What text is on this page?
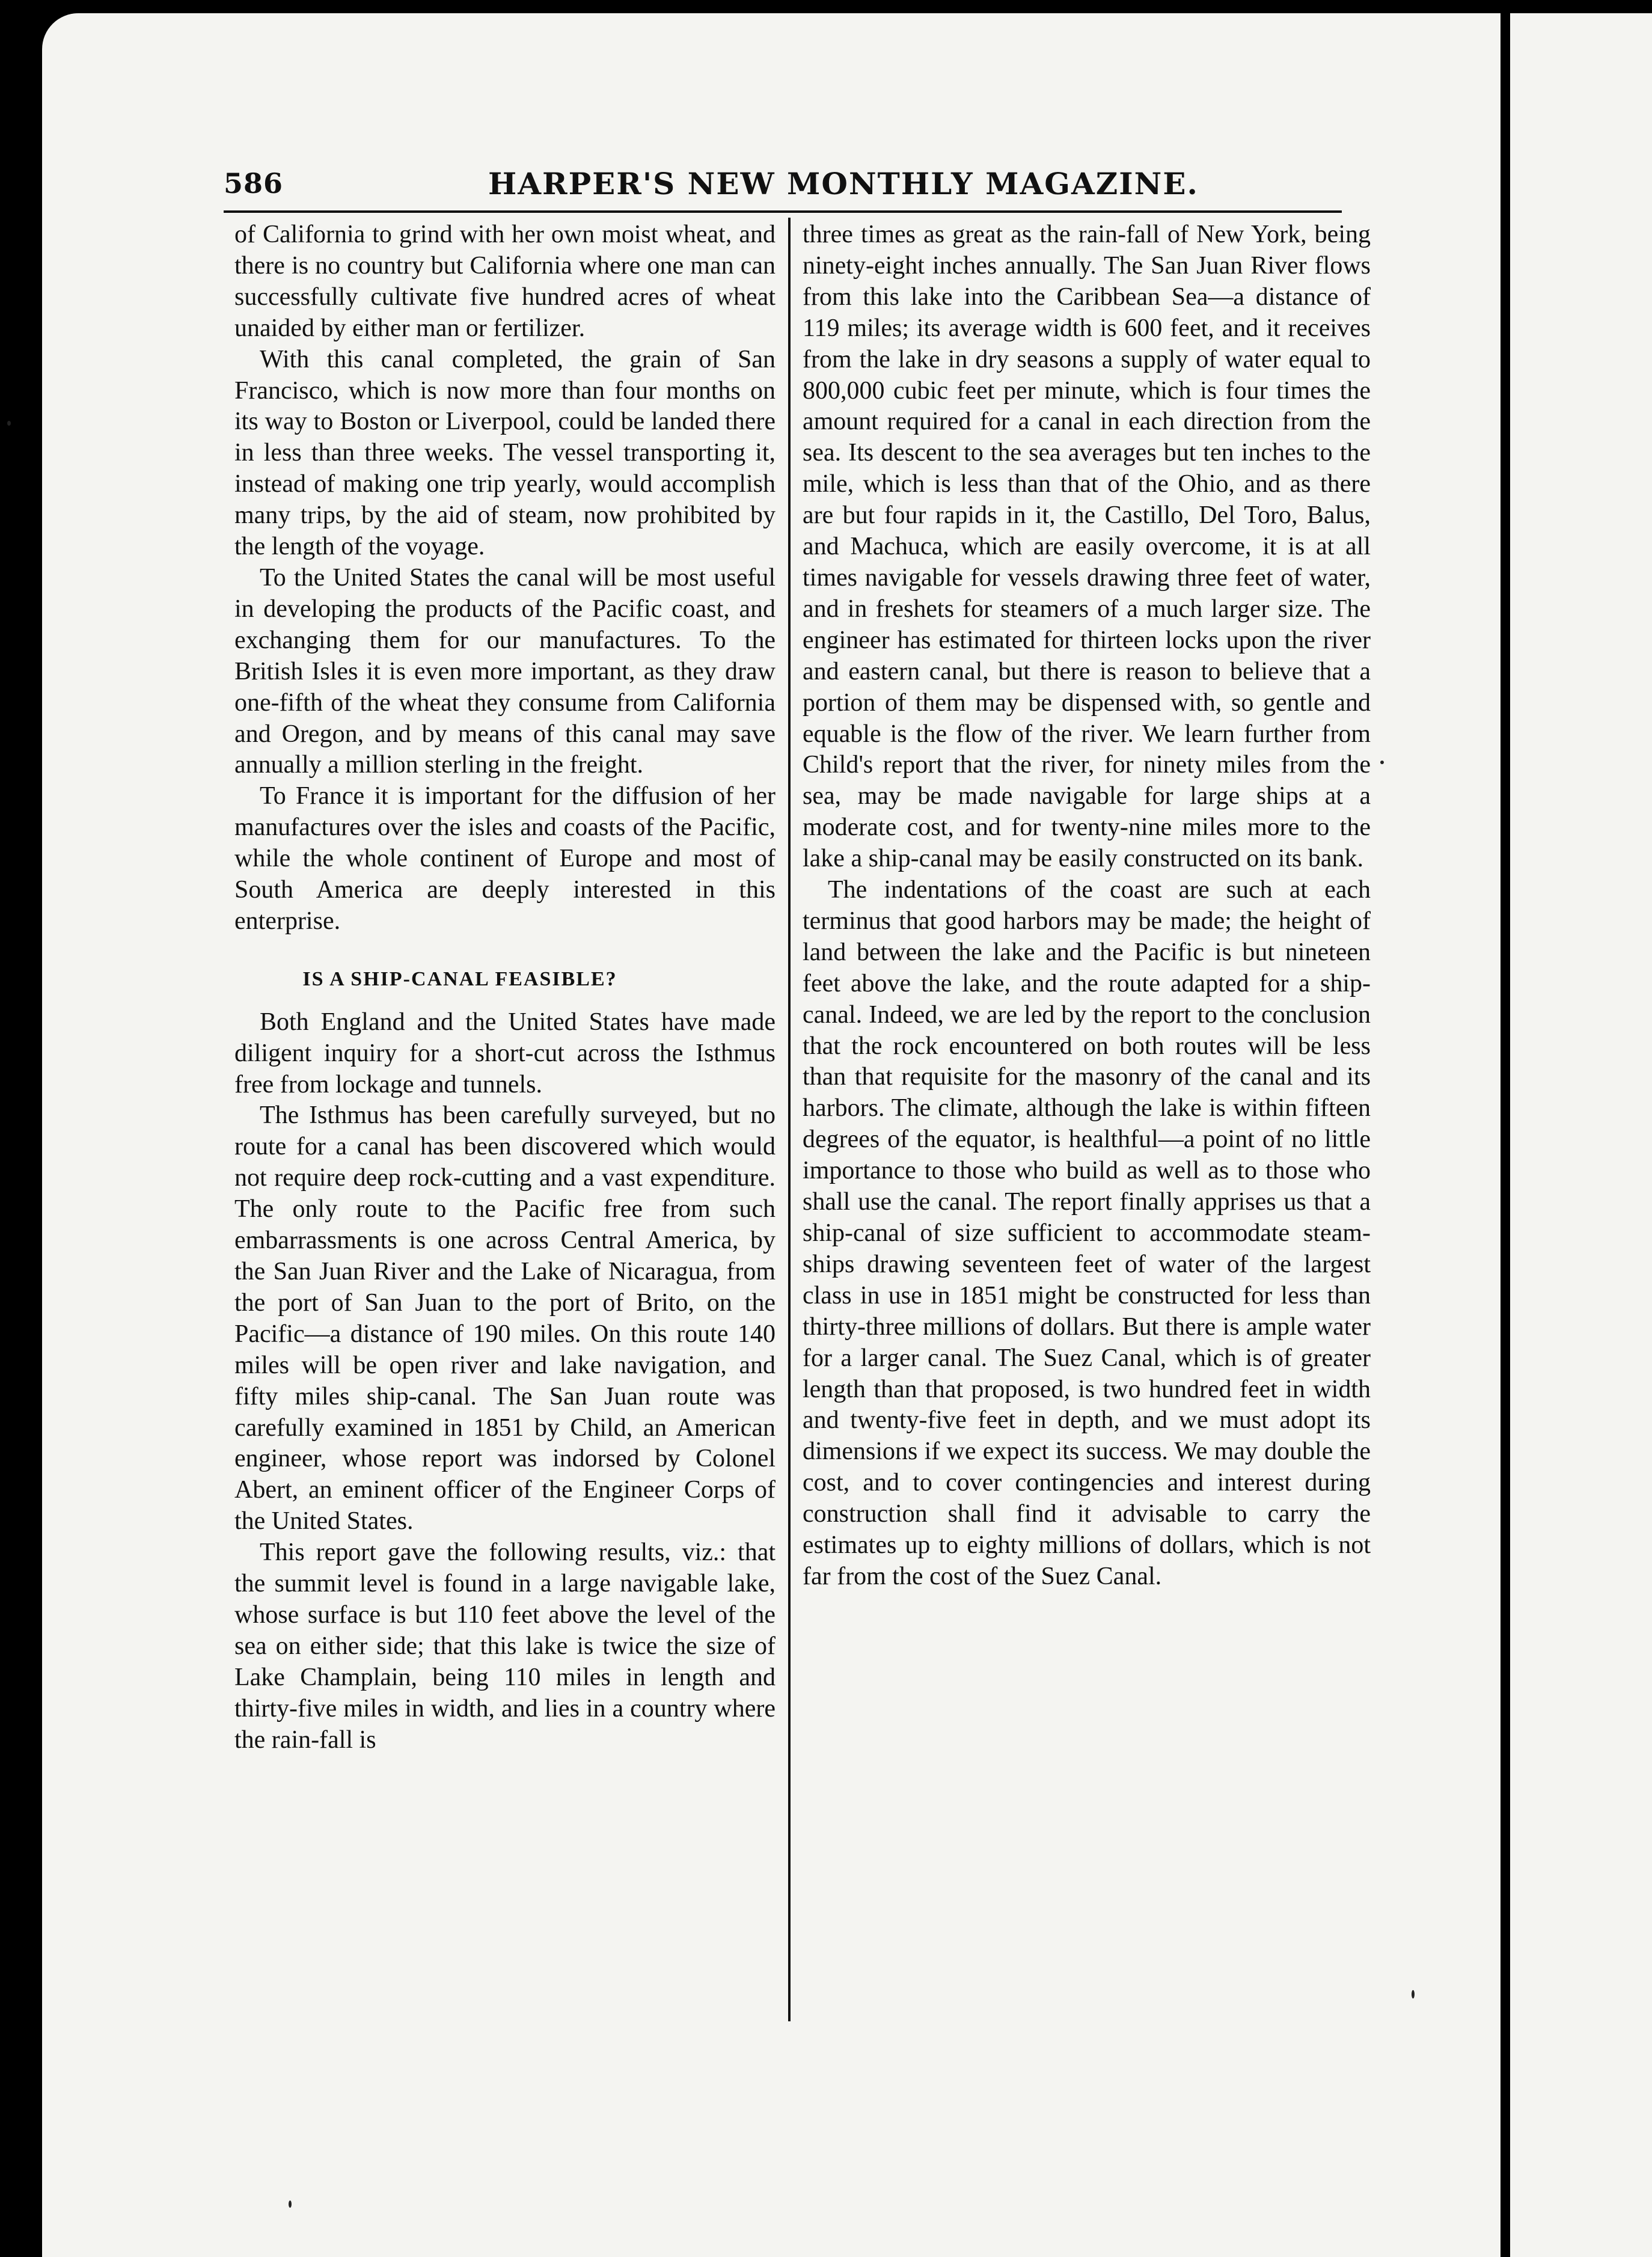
586	HARPER'S NEW MONTHLY MAGAZINE.

of California to grind with her own moist wheat, and there is no country but California where one man can successfully cultivate five hundred acres of wheat unaided by either man or fertilizer.

With this canal completed, the grain of San Francisco, which is now more than four months on its way to Boston or Liverpool, could be landed there in less than three weeks. The vessel transporting it, instead of making one trip yearly, would accomplish many trips, by the aid of steam, now prohibited by the length of the voyage.

To the United States the canal will be most useful in developing the products of the Pacific coast, and exchanging them for our manufactures. To the British Isles it is even more important, as they draw one-fifth of the wheat they consume from California and Oregon, and by means of this canal may save annually a million sterling in the freight.

To France it is important for the diffusion of her manufactures over the isles and coasts of the Pacific, while the whole continent of Europe and most of South America are deeply interested in this enterprise.

IS A SHIP-CANAL FEASIBLE?

Both England and the United States have made diligent inquiry for a short-cut across the Isthmus free from lockage and tunnels.

The Isthmus has been carefully surveyed, but no route for a canal has been discovered which would not require deep rock-cutting and a vast expenditure. The only route to the Pacific free from such embarrassments is one across Central America, by the San Juan River and the Lake of Nicaragua, from the port of San Juan to the port of Brito, on the Pacific—a distance of 190 miles. On this route 140 miles will be open river and lake navigation, and fifty miles ship-canal. The San Juan route was carefully examined in 1851 by Child, an American engineer, whose report was indorsed by Colonel Abert, an eminent officer of the Engineer Corps of the United States.

This report gave the following results, viz.: that the summit level is found in a large navigable lake, whose surface is but 110 feet above the level of the sea on either side; that this lake is twice the size of Lake Champlain, being 110 miles in length and thirty-five miles in width, and lies in a country where the rain-fall is

three times as great as the rain-fall of New York, being ninety-eight inches annually. The San Juan River flows from this lake into the Caribbean Sea—a distance of 119 miles; its average width is 600 feet, and it receives from the lake in dry seasons a supply of water equal to 800,000 cubic feet per minute, which is four times the amount required for a canal in each direction from the sea. Its descent to the sea averages but ten inches to the mile, which is less than that of the Ohio, and as there are but four rapids in it, the Castillo, Del Toro, Balus, and Machuca, which are easily overcome, it is at all times navigable for vessels drawing three feet of water, and in freshets for steamers of a much larger size. The engineer has estimated for thirteen locks upon the river and eastern canal, but there is reason to believe that a portion of them may be dispensed with, so gentle and equable is the flow of the river. We learn further from Child's report that the river, for ninety miles from the sea, may be made navigable for large ships at a moderate cost, and for twenty-nine miles more to the lake a ship-canal may be easily constructed on its bank.

The indentations of the coast are such at each terminus that good harbors may be made; the height of land between the lake and the Pacific is but nineteen feet above the lake, and the route adapted for a ship-canal. Indeed, we are led by the report to the conclusion that the rock encountered on both routes will be less than that requisite for the masonry of the canal and its harbors. The climate, although the lake is within fifteen degrees of the equator, is healthful—a point of no little importance to those who build as well as to those who shall use the canal. The report finally apprises us that a ship-canal of size sufficient to accommodate steam-ships drawing seventeen feet of water of the largest class in use in 1851 might be constructed for less than thirty-three millions of dollars. But there is ample water for a larger canal. The Suez Canal, which is of greater length than that proposed, is two hundred feet in width and twenty-five feet in depth, and we must adopt its dimensions if we expect its success. We may double the cost, and to cover contingencies and interest during construction shall find it advisable to carry the estimates up to eighty millions of dollars, which is not far from the cost of the Suez Canal.
